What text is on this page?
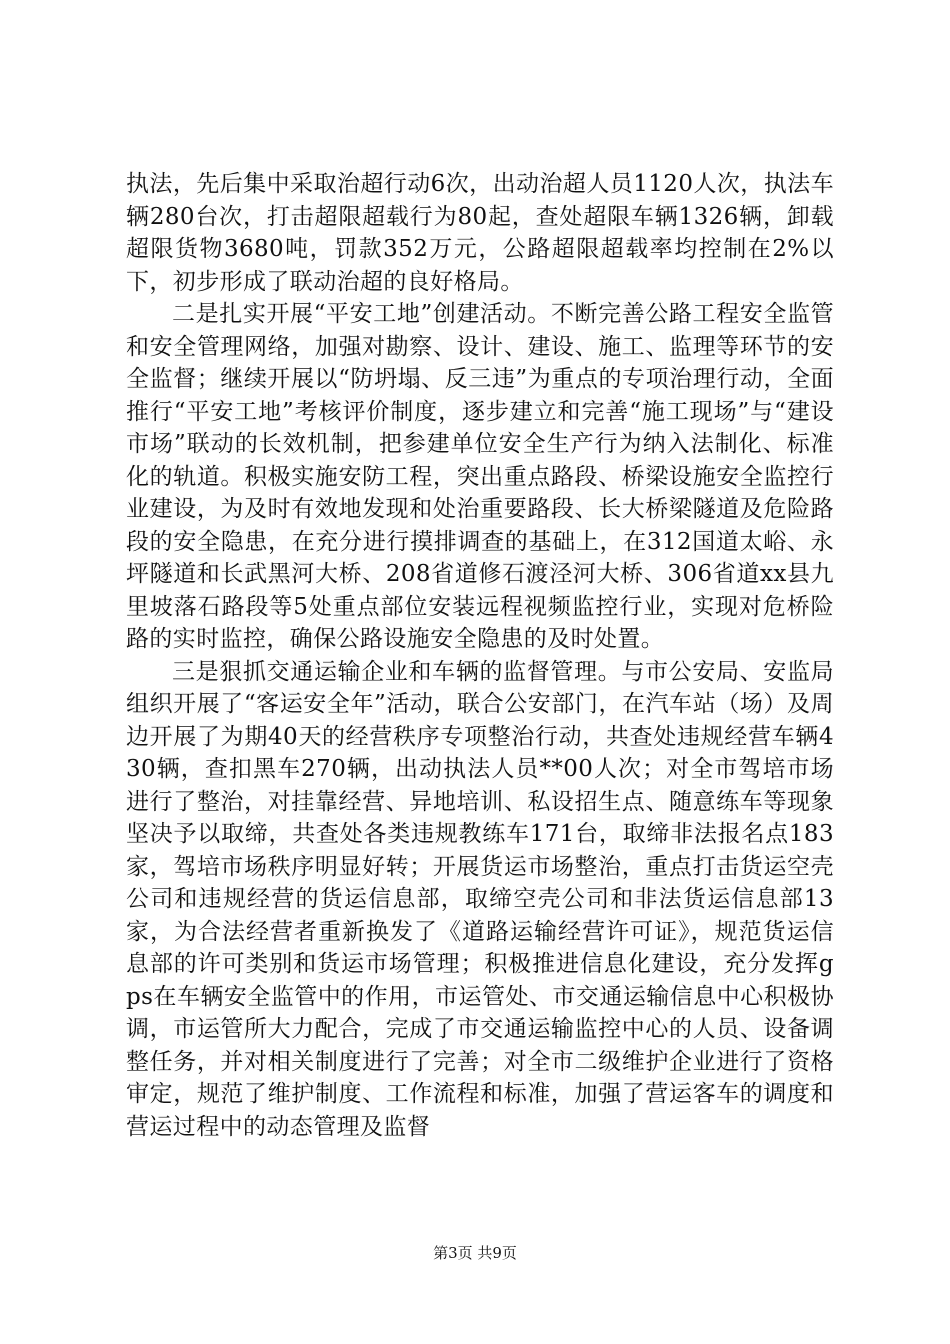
执法，先后集中采取治超行动6次，出动治超人员1120人次，执法车辆280台次，打击超限超载行为80起，查处超限车辆1326辆，卸载超限货物3680吨，罚款352万元，公路超限超载率均控制在2%以下，初步形成了联动治超的良好格局。

二是扎实开展“平安工地”创建活动。不断完善公路工程安全监管和安全管理网络，加强对勘察、设计、建设、施工、监理等环节的安全监督；继续开展以“防坍塌、反三违”为重点的专项治理行动，全面推行“平安工地”考核评价制度，逐步建立和完善“施工现场”与“建设市场”联动的长效机制，把参建单位安全生产行为纳入法制化、标准化的轨道。积极实施安防工程，突出重点路段、桥梁设施安全监控行业建设，为及时有效地发现和处治重要路段、长大桥梁隧道及危险路段的安全隐患，在充分进行摸排调查的基础上，在312国道太峪、永坪隧道和长武黑河大桥、208省道修石渡泾河大桥、306省道xx县九里坡落石路段等5处重点部位安装远程视频监控行业，实现对危桥险路的实时监控，确保公路设施安全隐患的及时处置。

三是狠抓交通运输企业和车辆的监督管理。与市公安局、安监局组织开展了“客运安全年”活动，联合公安部门，在汽车站（场）及周边开展了为期40天的经营秩序专项整治行动，共查处违规经营车辆430辆，查扣黑车270辆，出动执法人员**00人次；对全市驾培市场进行了整治，对挂靠经营、异地培训、私设招生点、随意练车等现象坚决予以取缔，共查处各类违规教练车171台，取缔非法报名点183家，驾培市场秩序明显好转；开展货运市场整治，重点打击货运空壳公司和违规经营的货运信息部，取缔空壳公司和非法货运信息部13家，为合法经营者重新换发了《道路运输经营许可证》，规范货运信息部的许可类别和货运市场管理；积极推进信息化建设，充分发挥gps在车辆安全监管中的作用，市运管处、市交通运输信息中心积极协调，市运管所大力配合，完成了市交通运输监控中心的人员、设备调整任务，并对相关制度进行了完善；对全市二级维护企业进行了资格审定，规范了维护制度、工作流程和标准，加强了营运客车的调度和营运过程中的动态管理及监督

第3页 共9页
